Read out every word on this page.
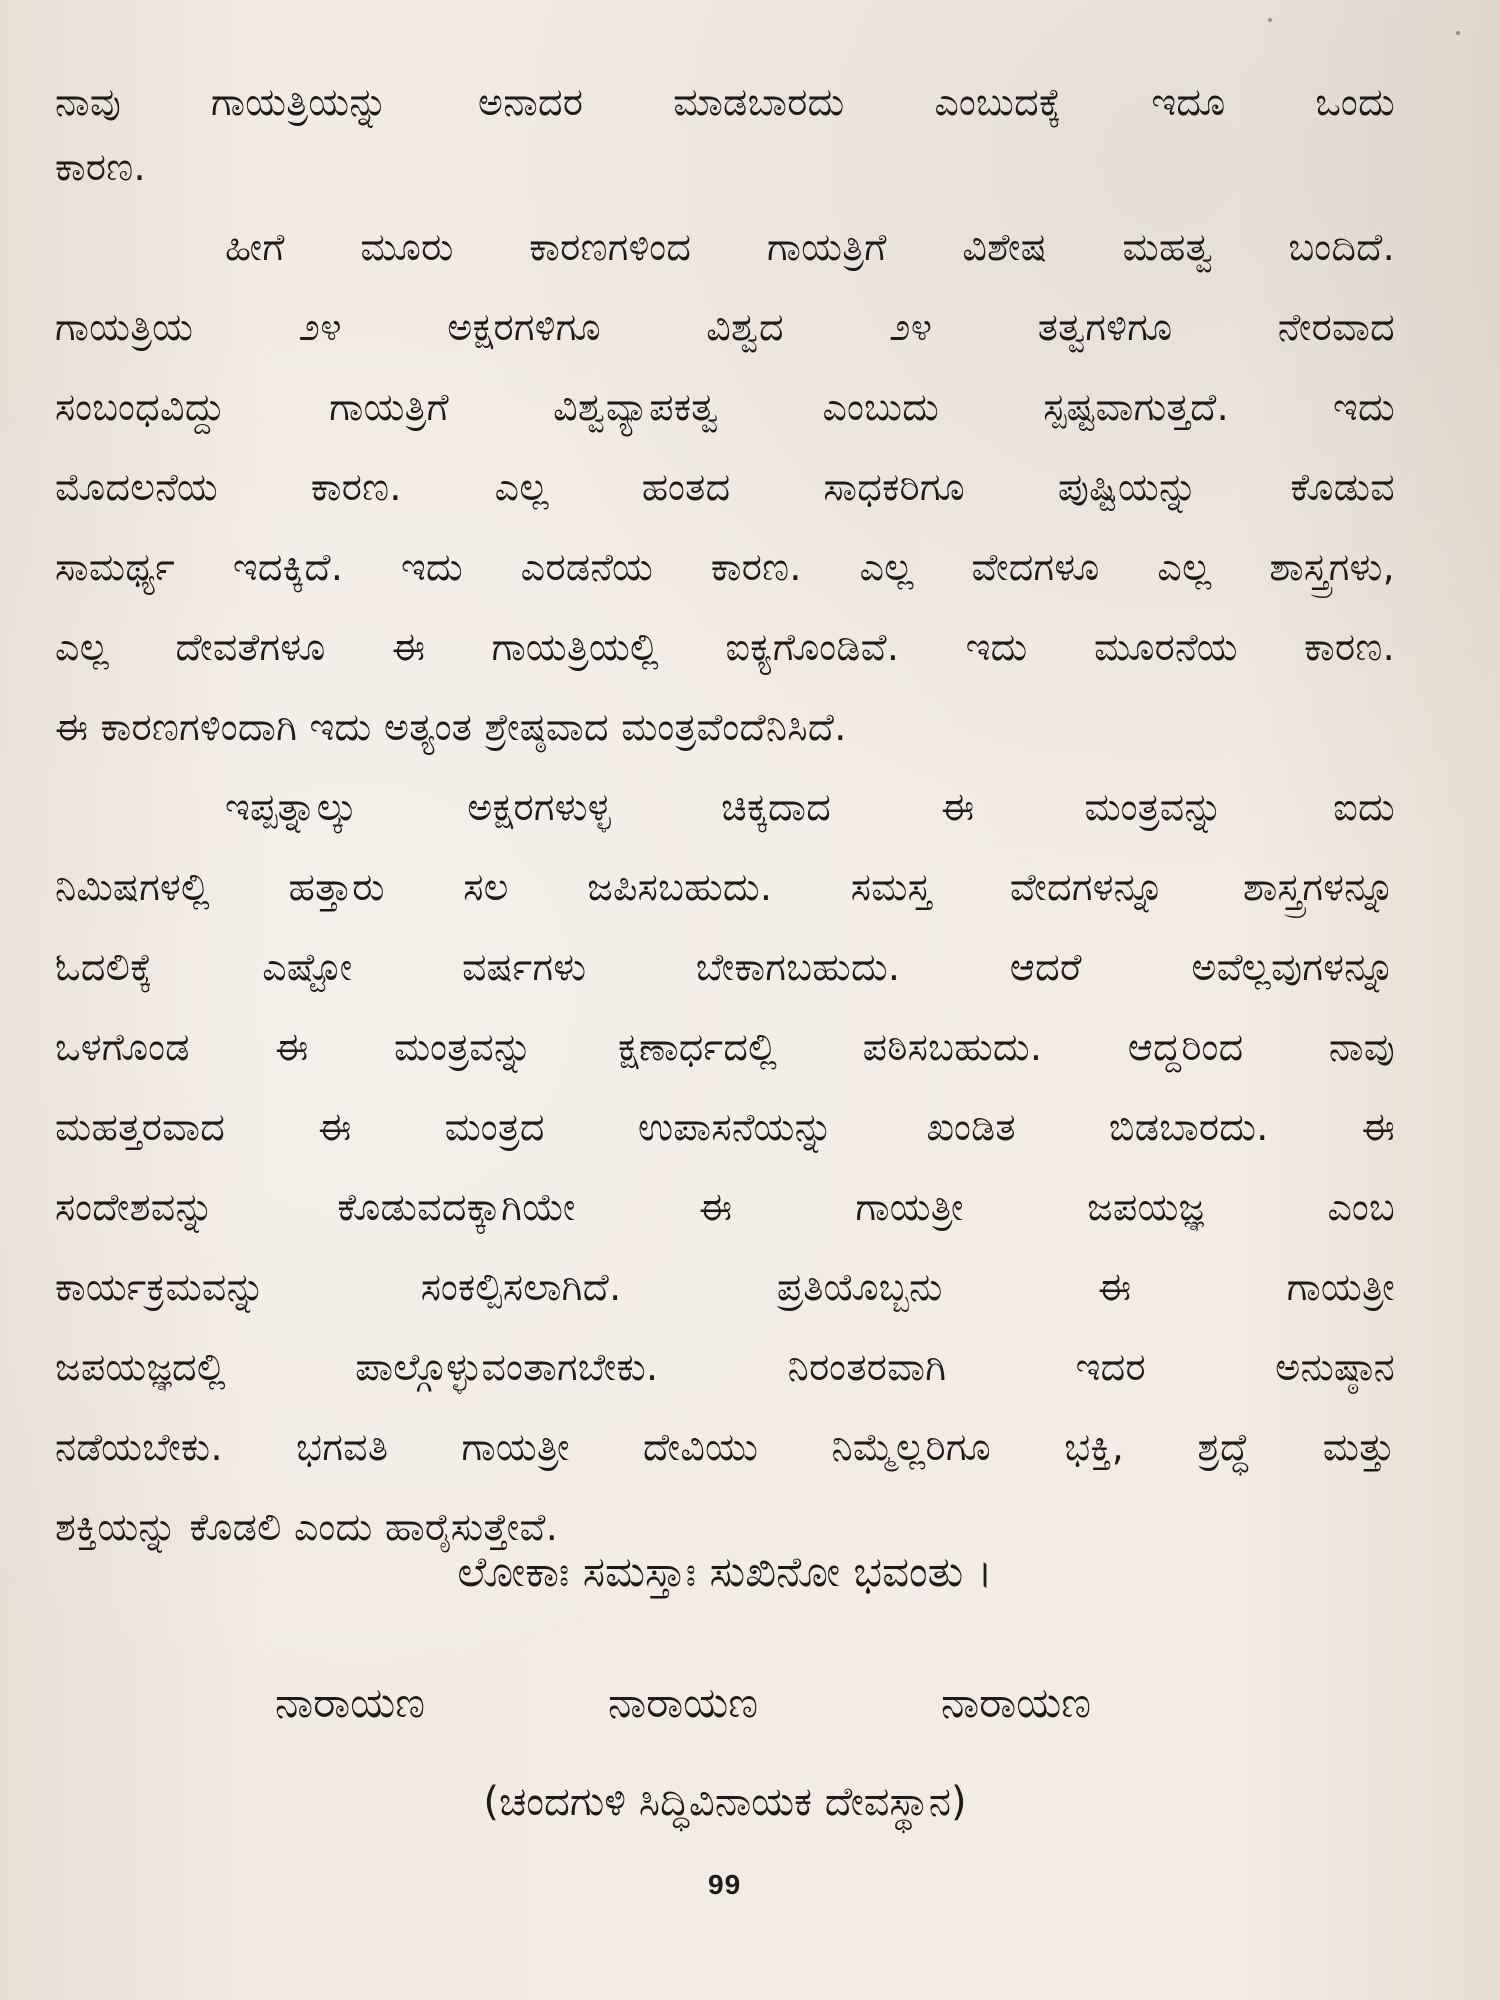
ನಾವು ಗಾಯತ್ರಿಯನ್ನು ಅನಾದರ ಮಾಡಬಾರದು ಎಂಬುದಕ್ಕೆ ಇದೂ ಒಂದು
ಕಾರಣ.
ಹೀಗೆ ಮೂರು ಕಾರಣಗಳಿಂದ ಗಾಯತ್ರಿಗೆ ವಿಶೇಷ ಮಹತ್ವ ಬಂದಿದೆ.
ಗಾಯತ್ರಿಯ ೨೪ ಅಕ್ಷರಗಳಿಗೂ ವಿಶ್ವದ ೨೪ ತತ್ವಗಳಿಗೂ ನೇರವಾದ
ಸಂಬಂಧವಿದ್ದು ಗಾಯತ್ರಿಗೆ ವಿಶ್ವವ್ಯಾಪಕತ್ವ ಎಂಬುದು ಸ್ಪಷ್ಟವಾಗುತ್ತದೆ. ಇದು
ಮೊದಲನೆಯ ಕಾರಣ. ಎಲ್ಲ ಹಂತದ ಸಾಧಕರಿಗೂ ಪುಷ್ಟಿಯನ್ನು ಕೊಡುವ
ಸಾಮರ್ಥ್ಯ ಇದಕ್ಕಿದೆ. ಇದು ಎರಡನೆಯ ಕಾರಣ. ಎಲ್ಲ ವೇದಗಳೂ ಎಲ್ಲ ಶಾಸ್ತ್ರಗಳು,
ಎಲ್ಲ ದೇವತೆಗಳೂ ಈ ಗಾಯತ್ರಿಯಲ್ಲಿ ಐಕ್ಯಗೊಂಡಿವೆ. ಇದು ಮೂರನೆಯ ಕಾರಣ.
ಈ ಕಾರಣಗಳಿಂದಾಗಿ ಇದು ಅತ್ಯಂತ ಶ್ರೇಷ್ಠವಾದ ಮಂತ್ರವೆಂದೆನಿಸಿದೆ.
ಇಪ್ಪತ್ನಾಲ್ಕು ಅಕ್ಷರಗಳುಳ್ಳ ಚಿಕ್ಕದಾದ ಈ ಮಂತ್ರವನ್ನು ಐದು
ನಿಮಿಷಗಳಲ್ಲಿ ಹತ್ತಾರು ಸಲ ಜಪಿಸಬಹುದು. ಸಮಸ್ತ ವೇದಗಳನ್ನೂ ಶಾಸ್ತ್ರಗಳನ್ನೂ
ಓದಲಿಕ್ಕೆ ಎಷ್ಟೋ ವರ್ಷಗಳು ಬೇಕಾಗಬಹುದು. ಆದರೆ ಅವೆಲ್ಲವುಗಳನ್ನೂ
ಒಳಗೊಂಡ ಈ ಮಂತ್ರವನ್ನು ಕ್ಷಣಾರ್ಧದಲ್ಲಿ ಪಠಿಸಬಹುದು. ಆದ್ದರಿಂದ ನಾವು
ಮಹತ್ತರವಾದ ಈ ಮಂತ್ರದ ಉಪಾಸನೆಯನ್ನು ಖಂಡಿತ ಬಿಡಬಾರದು. ಈ
ಸಂದೇಶವನ್ನು ಕೊಡುವದಕ್ಕಾಗಿಯೇ ಈ ಗಾಯತ್ರೀ ಜಪಯಜ್ಞ ಎಂಬ
ಕಾರ್ಯಕ್ರಮವನ್ನು ಸಂಕಲ್ಪಿಸಲಾಗಿದೆ. ಪ್ರತಿಯೊಬ್ಬನು ಈ ಗಾಯತ್ರೀ
ಜಪಯಜ್ಞದಲ್ಲಿ ಪಾಲ್ಗೊಳ್ಳುವಂತಾಗಬೇಕು. ನಿರಂತರವಾಗಿ ಇದರ ಅನುಷ್ಠಾನ
ನಡೆಯಬೇಕು. ಭಗವತಿ ಗಾಯತ್ರೀ ದೇವಿಯು ನಿಮ್ಮೆಲ್ಲರಿಗೂ ಭಕ್ತಿ, ಶ್ರದ್ಧೆ ಮತ್ತು
ಶಕ್ತಿಯನ್ನು ಕೊಡಲಿ ಎಂದು ಹಾರೈಸುತ್ತೇವೆ.
ಲೋಕಾಃ ಸಮಸ್ತಾಃ ಸುಖಿನೋ ಭವಂತು ।
ನಾರಾಯಣ	ನಾರಾಯಣ	ನಾರಾಯಣ
(ಚಂದಗುಳಿ ಸಿದ್ಧಿವಿನಾಯಕ ದೇವಸ್ಥಾನ)
99
